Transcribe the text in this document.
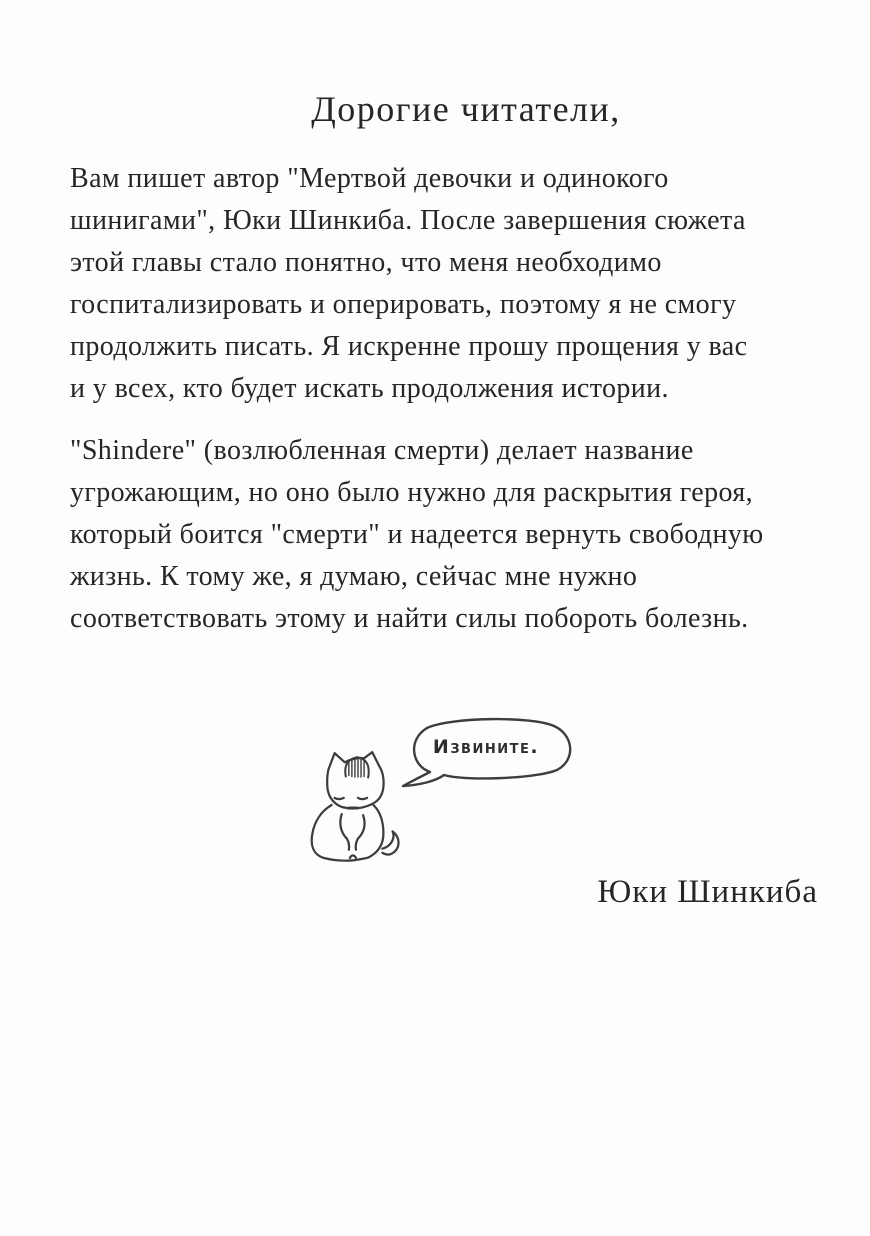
Дорогие читатели,
Вам пишет автор "Мертвой девочки и одинокого
шинигами", Юки Шинкиба. После завершения сюжета
этой главы стало понятно, что меня необходимо
госпитализировать и оперировать, поэтому я не смогу
продолжить писать. Я искренне прошу прощения у вас
и у всех, кто будет искать продолжения истории.
"Shindere" (возлюбленная смерти) делает название
угрожающим, но оно было нужно для раскрытия героя,
который боится "смерти" и надеется вернуть свободную
жизнь. К тому же, я думаю, сейчас мне нужно
соответствовать этому и найти силы побороть болезнь.
Извините.
Юки Шинкиба
